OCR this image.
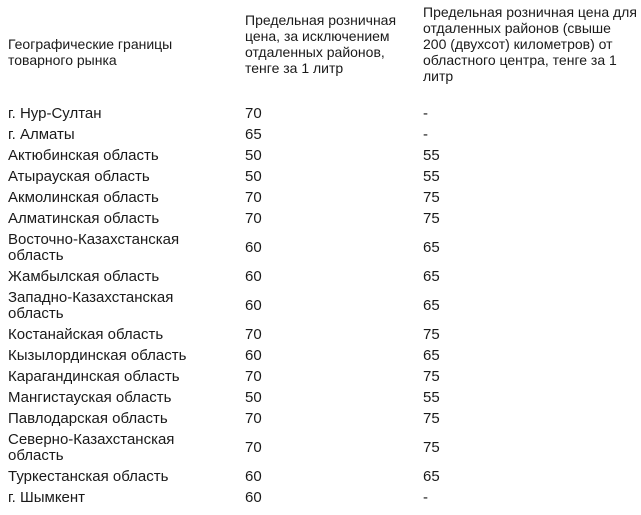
Географические границы товарного рынка	Предельная розничная цена, за исключением отдаленных районов, тенге за 1 литр	Предельная розничная цена для отдаленных районов (свыше 200 (двухсот) километров) от областного центра, тенге за 1 литр
г. Нур-Султан	70	-
г. Алматы	65	-
Актюбинская область	50	55
Атырауская область	50	55
Акмолинская область	70	75
Алматинская область	70	75
Восточно-Казахстанская область	60	65
Жамбылская область	60	65
Западно-Казахстанская область	60	65
Костанайская область	70	75
Кызылординская область	60	65
Карагандинская область	70	75
Мангистауская область	50	55
Павлодарская область	70	75
Северно-Казахстанская область	70	75
Туркестанская область	60	65
г. Шымкент	60	-
